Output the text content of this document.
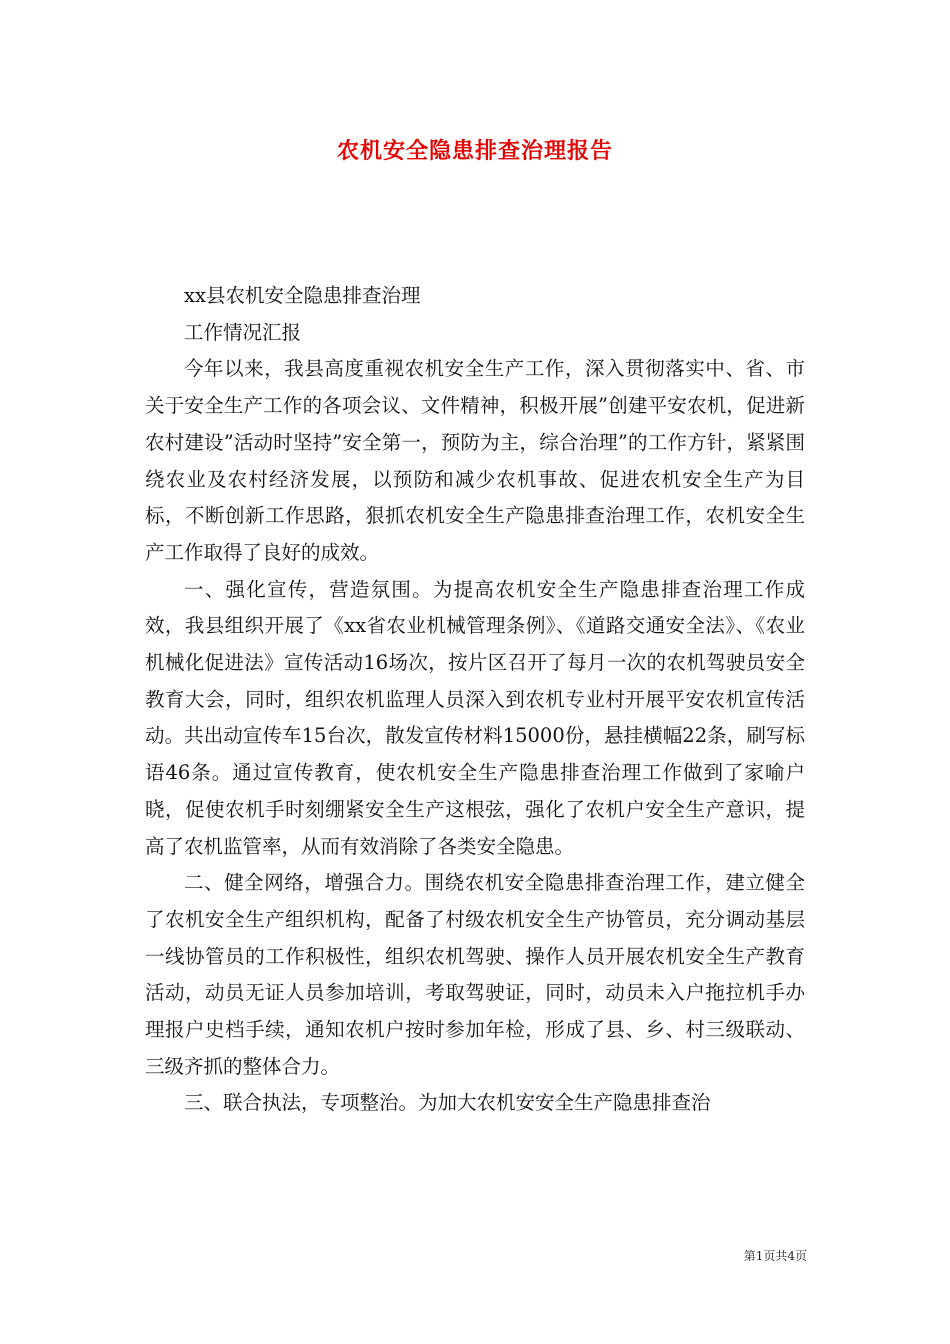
农机安全隐患排查治理报告

xx县农机安全隐患排查治理

工作情况汇报

今年以来，我县高度重视农机安全生产工作，深入贯彻落实中、省、市关于安全生产工作的各项会议、文件精神，积极开展”创建平安农机，促进新农村建设”活动时坚持”安全第一，预防为主，综合治理”的工作方针，紧紧围绕农业及农村经济发展，以预防和减少农机事故、促进农机安全生产为目标，不断创新工作思路，狠抓农机安全生产隐患排查治理工作，农机安全生产工作取得了良好的成效。

一、强化宣传，营造氛围。为提高农机安全生产隐患排查治理工作成效，我县组织开展了《xx省农业机械管理条例》、《道路交通安全法》、《农业机械化促进法》宣传活动16场次，按片区召开了每月一次的农机驾驶员安全教育大会，同时，组织农机监理人员深入到农机专业村开展平安农机宣传活动。共出动宣传车15台次，散发宣传材料15000份，悬挂横幅22条，刷写标语46条。通过宣传教育，使农机安全生产隐患排查治理工作做到了家喻户晓，促使农机手时刻绷紧安全生产这根弦，强化了农机户安全生产意识，提高了农机监管率，从而有效消除了各类安全隐患。

二、健全网络，增强合力。围绕农机安全隐患排查治理工作，建立健全了农机安全生产组织机构，配备了村级农机安全生产协管员，充分调动基层一线协管员的工作积极性，组织农机驾驶、操作人员开展农机安全生产教育活动，动员无证人员参加培训，考取驾驶证，同时，动员未入户拖拉机手办理报户史档手续，通知农机户按时参加年检，形成了县、乡、村三级联动、三级齐抓的整体合力。

三、联合执法，专项整治。为加大农机安安全生产隐患排查治

第1页共4页
